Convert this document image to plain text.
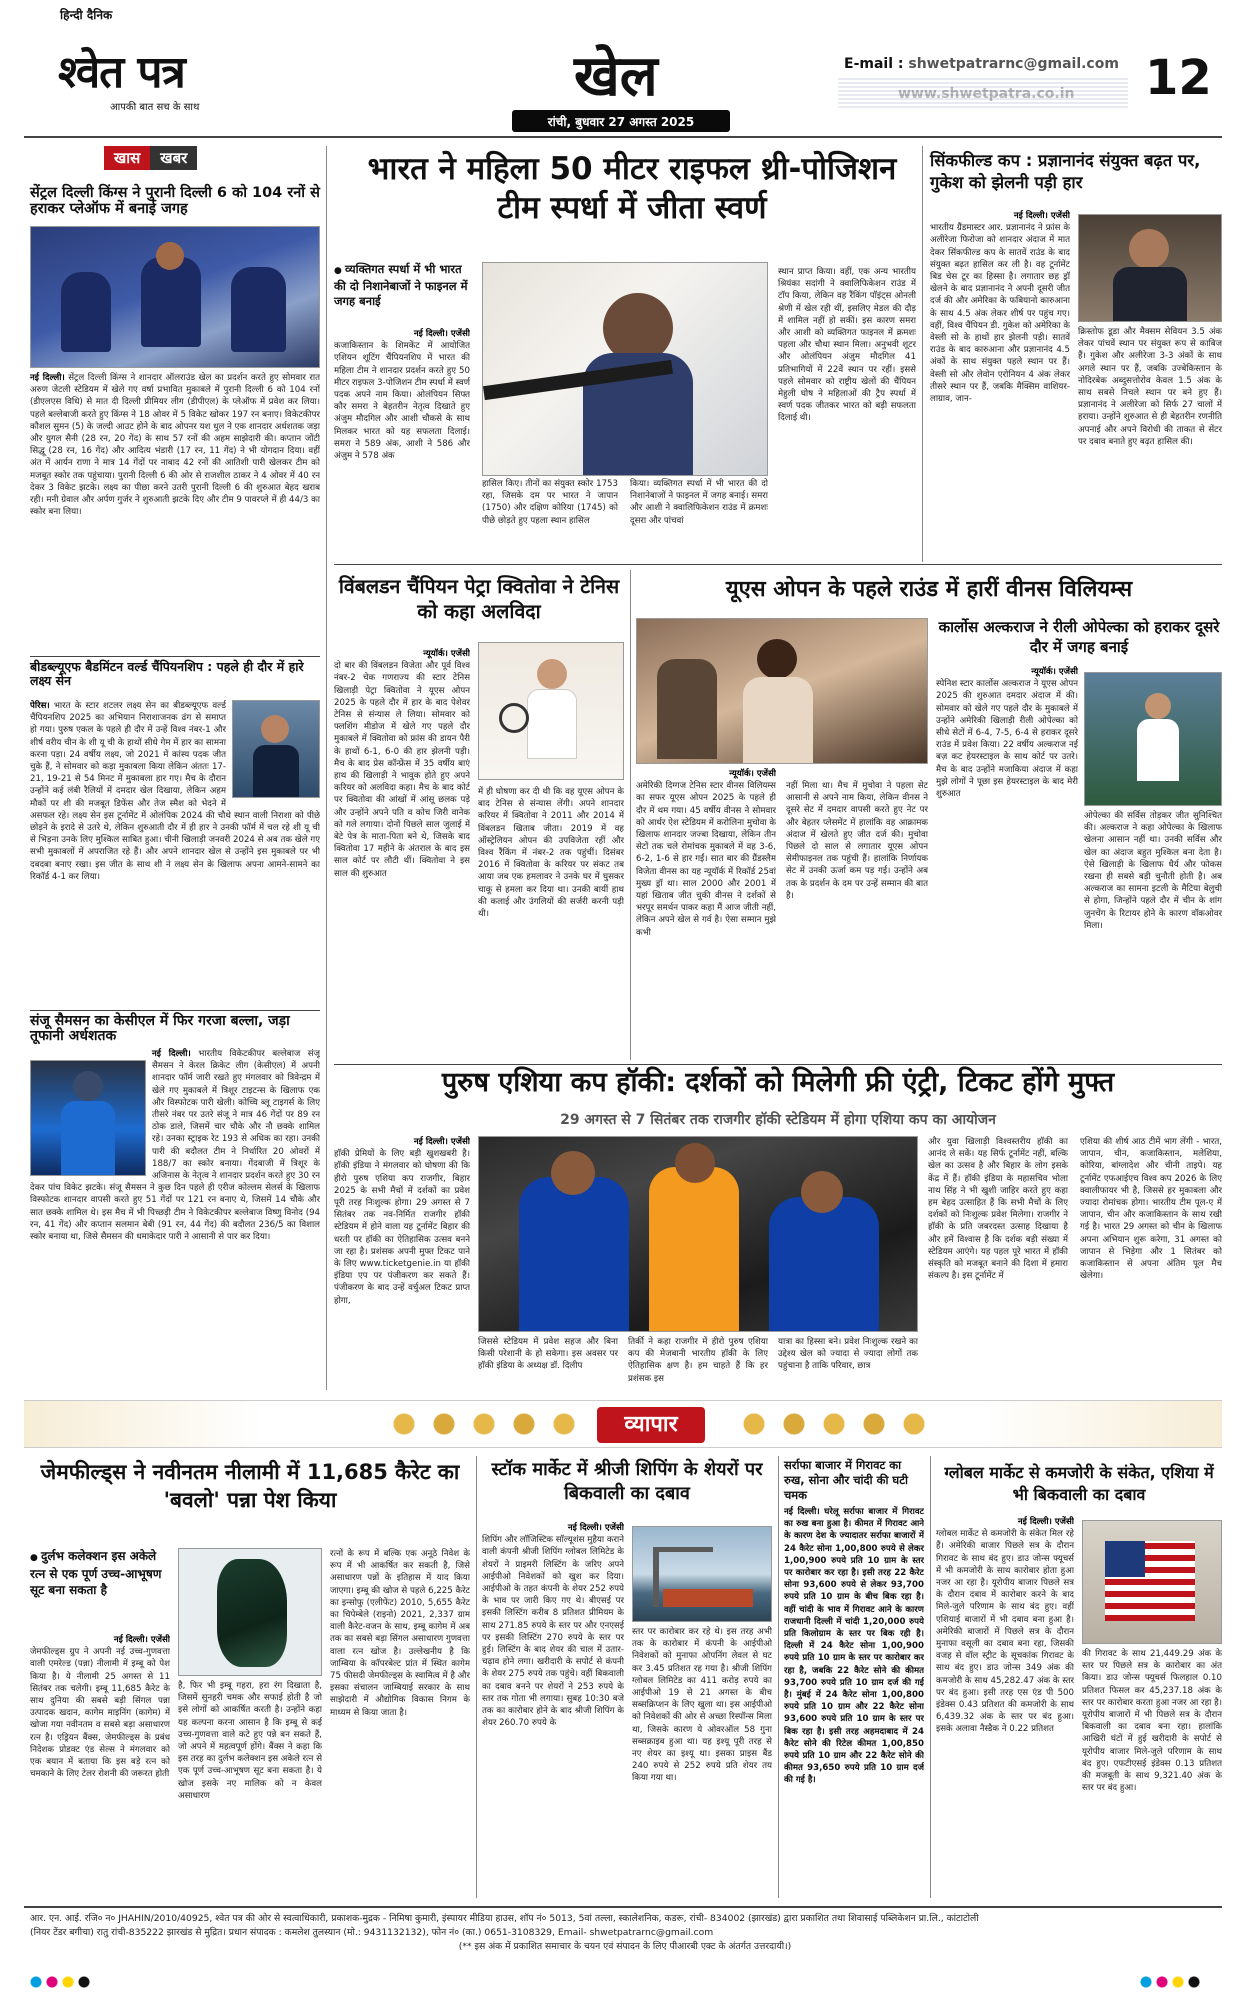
हिन्दी दैनिक
श्वेत पत्र
आपकी बात सच के साथ	खेल
रांची, बुधवार 27 अगस्त 2025
E-mail : shwetpatrarnc@gmail.com 12
खास खबर
सेंट्रल दिल्ली किंग्स ने पुरानी दिल्ली 6 को 104 रनों से हराकर प्लेऑफ में बनाई जगह
नई दिल्ली। सेंट्रल दिल्ली किंग्स ने शानदार ऑलराउंड खेल का प्रदर्शन करते हुए सोमवार रात अरुण जेटली स्टेडियम में खेले गए वर्षा प्रभावित मुकाबले में पुरानी दिल्ली 6 को 104 रनों (डीएलएस विधि) से मात दी दिल्ली प्रीमियर लीग (डीपीएल) के प्लेऑफ में प्रवेश कर लिया। पहले बल्लेबाजी करते हुए किंग्स ने 18 ओवर में 5 विकेट खोकर 197 रन बनाए। विकेटकीपर कौशल सुमन (5) के जल्दी आउट होने के बाद ओपनर यश धुल ने एक शानदार अर्धशतक जड़ा और युगल सैनी (28 रन, 20 गेंद) के साथ 57 रनों की अहम साझेदारी की। कप्तान जोंटी सिद्धू (28 रन, 16 गेंद) और आदित्य भंडारी (17 रन, 11 गेंद) ने भी योगदान दिया। वहीं अंत में आर्यन राणा ने मात्र 14 गेंदों पर नाबाद 42 रनों की आतिशी पारी खेलकर टीम को मजबूत स्कोर तक पहुंचाया। पुरानी दिल्ली 6 की ओर से राजशील ठाकर ने 4 ओवर में 40 रन देकर 3 विकेट झटके। लक्ष्य का पीछा करने उतरी पुरानी दिल्ली 6 की शुरुआत बेहद खराब रही। मनी ग्रेवाल और अर्पण गुर्जर ने शुरुआती झटके दिए और टीम 9 पावरप्ले में ही 44/3 का स्कोर बना लिया।
बीडब्ल्यूएफ बैडमिंटन वर्ल्ड चैंपियनशिप : पहले ही दौर में हारे लक्ष्य सेन
पेरिस। भारत के स्टार शटलर लक्ष्य सेन का बीडब्ल्यूएफ वर्ल्ड चैंपियनशिप 2025 का अभियान निराशाजनक ढंग से समाप्त हो गया। पुरुष एकल के पहले ही दौर में उन्हें विश्व नंबर-1 और शीर्ष वरीय चीन के शी यू ची के हाथों सीधे गेम में हार का सामना करना पड़ा। 24 वर्षीय लक्ष्य, जो 2021 में कांस्य पदक जीत चुके हैं, ने सोमवार को कड़ा मुकाबला किया लेकिन अंततः 17-21, 19-21 से 54 मिनट में मुकाबला हार गए। मैच के दौरान उन्होंने कई लंबी रैलियों में दमदार खेल दिखाया, लेकिन अहम मौकों पर शी की मजबूत डिफेंस और तेज स्मैश को भेदने में असफल रहे। लक्ष्य सेन इस टूर्नामेंट में ओलंपिक 2024 की चौथे स्थान वाली निराशा को पीछे छोड़ने के इरादे से उतरे थे, लेकिन शुरुआती दौर में ही हार ने उनकी फॉर्म में चल रहे शी यू ची से भिड़ना उनके लिए मुश्किल साबित हुआ। चीनी खिलाड़ी जनवरी 2024 से अब तक खेले गए सभी मुकाबलों में अपराजित रहे हैं। और अपने शानदार खेल से उन्होंने इस मुकाबले पर भी दबदबा बनाए रखा। इस जीत के साथ शी ने लक्ष्य सेन के खिलाफ अपना आमने-सामने का रिकॉर्ड 4-1 कर लिया।
संजू सैमसन का केसीएल में फिर गरजा बल्ला, जड़ा तूफानी अर्धशतक
नई दिल्ली। भारतीय विकेटकीपर बल्लेबाज संजू सैमसन ने केरल क्रिकेट लीग (केसीएल) में अपनी शानदार फॉर्म जारी रखते हुए मंगलवार को त्रिवेन्द्रम में खेले गए मुकाबले में त्रिशूर टाइटन्स के खिलाफ एक और विस्फोटक पारी खेली। कोच्चि ब्लू टाइगर्स के लिए तीसरे नंबर पर उतरे संजू ने मात्र 46 गेंदों पर 89 रन ठोक डाले, जिसमें चार चौके और नौ छक्के शामिल रहे। उनका स्ट्राइक रेट 193 से अधिक का रहा। उनकी पारी की बदौलत टीम ने निर्धारित 20 ओवरों में 188/7 का स्कोर बनाया। गेंदबाजी में त्रिशूर के अजिनास के नेतृत्व ने शानदार प्रदर्शन करते हुए 30 रन देकर पांच विकेट झटके। संजू सैमसन ने कुछ दिन पहले ही एरीज कोल्लम सेलर्स के खिलाफ विस्फोटक शानदार वापसी करते हुए 51 गेंदों पर 121 रन बनाए थे, जिसमें 14 चौके और सात छक्के शामिल थे। इस मैच में भी पिच्छड़ी टीम ने विकेटकीपर बल्लेबाज विष्णु विनोद (94 रन, 41 गेंद) और कप्तान सलमान बेबी (91 रन, 44 गेंद) की बदौलत 236/5 का विशाल स्कोर बनाया था, जिसे सैमसन की धमाकेदार पारी ने आसानी से पार कर दिया।
भारत ने महिला 50 मीटर राइफल थ्री-पोजिशन टीम स्पर्धा में जीता स्वर्ण
● व्यक्तिगत स्पर्धा में भी भारत की दो निशानेबाजों ने फाइनल में जगह बनाई
नई दिल्ली। एजेंसी
कजाकिस्तान के शिमकेंट में आयोजित एशियन शूटिंग चैंपियनशिप में भारत की महिला टीम ने शानदार प्रदर्शन करते हुए 50 मीटर राइफल 3-पोजिशन टीम स्पर्धा में स्वर्ण पदक अपने नाम किया। ओलंपियन सिफ्त कौर समरा ने बेहतरीन नेतृत्व दिखाते हुए अंजुम मौदगिल और आशी चौकसे के साथ मिलकर भारत को यह सफलता दिलाई। समरा ने 589 अंक, आशी ने 586 और अंजुम ने 578 अंक
हासिल किए। तीनों का संयुक्त स्कोर 1753 रहा, जिसके दम पर भारत ने जापान (1750) और दक्षिण कोरिया (1745) को पीछे छोड़ते हुए पहला स्थान हासिल
किया। व्यक्तिगत स्पर्धा में भी भारत की दो निशानेबाजों ने फाइनल में जगह बनाई। समरा और आशी ने क्वालिफिकेशन राउंड में क्रमशः दूसरा और पांचवां
स्थान प्राप्त किया। वहीं, एक अन्य भारतीय श्रियंका सदांगी ने क्वालिफिकेशन राउंड में टॉप किया, लेकिन वह रैंकिंग पॉइंट्स ओनली श्रेणी में खेल रही थीं, इसलिए मेडल की दौड़ में शामिल नहीं हो सकीं। इस कारण समरा और आशी को व्यक्तिगत फाइनल में क्रमशः पहला और चौथा स्थान मिला। अनुभवी शूटर और ओलंपियन अंजुम मौदगिल 41 प्रतिभागियों में 22वें स्थान पर रहीं। इससे पहले सोमवार को राष्ट्रीय खेलों की चैंपियन मेहुली घोष ने महिलाओं की ट्रैप स्पर्धा में स्वर्ण पदक जीतकर भारत को बड़ी सफलता दिलाई थी।
सिंकफील्ड कप : प्रज्ञानानंद संयुक्त बढ़त पर, गुकेश को झेलनी पड़ी हार
नई दिल्ली। एजेंसी
भारतीय ग्रैंडमास्टर आर. प्रज्ञानानंद ने फ्रांस के अलीरेजा फिरोजा को शानदार अंदाज में मात देकर सिंकफील्ड कप के सातवें राउंड के बाद संयुक्त बढ़त हासिल कर ली है। वह टूर्नामेंट बिड चेस टूर का हिस्सा है। लगातार छह ड्रॉ खेलने के बाद प्रज्ञानानंद ने अपनी दूसरी जीत दर्ज की और अमेरिका के फबियानो कारुआना के साथ 4.5 अंक लेकर शीर्ष पर पहुंच गए। वहीं, विश्व चैंपियन डी. गुकेश को अमेरिका के वेस्ली सो के हाथों हार झेलनी पड़ी। सातवें राउंड के बाद कारुआना और प्रज्ञानानंद 4.5 अंकों के साथ संयुक्त पहले स्थान पर हैं। वेस्ली सो और लेवोन एरोनियन 4 अंक लेकर तीसरे स्थान पर हैं, जबकि मैक्सिम वाशियर-लाग्राव, जान-
क्रिस्तोफ डूडा और मैक्सम सेवियन 3.5 अंक लेकर पांचवें स्थान पर संयुक्त रूप से काबिज हैं। गुकेश और अलीरेजा 3-3 अंकों के साथ अगले स्थान पर हैं, जबकि उज्बेकिस्तान के नोदिरबेक अब्दुसत्तोरोव केवल 1.5 अंक के साथ सबसे निचले स्थान पर बने हुए हैं। प्रज्ञानानंद ने अलीरेजा को सिर्फ 27 चालों में हराया। उन्होंने शुरुआत से ही बेहतरीन रणनीति अपनाई और अपने विरोधी की ताकत से सेंटर पर दबाव बनाते हुए बढ़त हासिल की।
विंबलडन चैंपियन पेट्रा क्वितोवा ने टेनिस को कहा अलविदा
न्यूयॉर्क। एजेंसी
दो बार की विंबलडन विजेता और पूर्व विश्व नंबर-2 चेक गणराज्य की स्टार टेनिस खिलाड़ी पेट्रा क्वितोवा ने यूएस ओपन 2025 के पहले दौर में हार के बाद पेशेवर टेनिस से संन्यास ले लिया। सोमवार को फ्लशिंग मीडोज में खेले गए पहले दौर मुकाबले में क्वितोवा को फ्रांस की डायन पैरी के हाथों 6-1, 6-0 की हार झेलनी पड़ी। मैच के बाद प्रेस कॉन्फ्रेंस में 35 वर्षीय बाएं हाथ की खिलाड़ी ने भावुक होते हुए अपने करियर को अलविदा कहा। मैच के बाद कोर्ट पर क्वितोवा की आंखों में आंसू छलक पड़े और उन्होंने अपने पति व कोच जिरी वानेक को गले लगाया। दोनों पिछले साल जुलाई में बेटे पेत्र के माता-पिता बने थे, जिसके बाद क्वितोवा 17 महीने के अंतराल के बाद इस साल कोर्ट पर लौटी थीं। क्वितोवा ने इस साल की शुरुआत
में ही घोषणा कर दी थी कि वह यूएस ओपन के बाद टेनिस से संन्यास लेंगी। अपने शानदार करियर में क्वितोवा ने 2011 और 2014 में विंबलडन खिताब जीता। 2019 में वह ऑस्ट्रेलियन ओपन की उपविजेता रहीं और विश्व रैंकिंग में नंबर-2 तक पहुंचीं। दिसंबर 2016 में क्वितोवा के करियर पर संकट तब आया जब एक हमलावर ने उनके घर में घुसकर चाकू से हमला कर दिया था। उनकी बायीं हाथ की कलाई और उंगलियों की सर्जरी करनी पड़ी थी।
यूएस ओपन के पहले राउंड में हारीं वीनस विलियम्स
न्यूयॉर्क। एजेंसी
अमेरिकी दिग्गज टेनिस स्टार वीनस विलियम्स का सफर यूएस ओपन 2025 के पहले ही दौर में थम गया। 45 वर्षीय वीनस ने सोमवार को आर्थर ऐश स्टेडियम में करोलिना मुचोवा के खिलाफ शानदार जज्बा दिखाया, लेकिन तीन सेटों तक चले रोमांचक मुकाबले में वह 3-6, 6-2, 1-6 से हार गईं। सात बार की ग्रैंडस्लैम विजेता वीनस का यह न्यूयॉर्क में रिकॉर्ड 25वां मुख्य ड्रॉ था। साल 2000 और 2001 में यहां खिताब जीत चुकी वीनस ने दर्शकों से भरपूर समर्थन पाकर कहा मैं आज जीती नहीं, लेकिन अपने खेल से गर्व है। ऐसा सम्मान मुझे कभी
नहीं मिला था। मैच में मुचोवा ने पहला सेट आसानी से अपने नाम किया, लेकिन वीनस ने दूसरे सेट में दमदार वापसी करते हुए नेट पर और बेहतर प्लेसमेंट में हालांकि वह आक्रामक अंदाज में खेलते हुए जीत दर्ज की। मुचोवा पिछले दो साल से लगातार यूएस ओपन सेमीफाइनल तक पहुंची हैं। हालांकि निर्णायक सेट में उनकी ऊर्जा कम पड़ गई। उन्होंने अब तक के प्रदर्शन के दम पर उन्हें सम्मान की बात है।
कार्लोस अल्कराज ने रीली ओपेल्का को हराकर दूसरे दौर में जगह बनाई
न्यूयॉर्क। एजेंसी
स्पेनिश स्टार कार्लोस अल्कराज ने यूएस ओपन 2025 की शुरुआत दमदार अंदाज में की। सोमवार को खेले गए पहले दौर के मुकाबले में उन्होंने अमेरिकी खिलाड़ी रीली ओपेल्का को सीधे सेटों में 6-4, 7-5, 6-4 से हराकर दूसरे राउंड में प्रवेश किया। 22 वर्षीय अल्कराज नई बज़ कट हेयरस्टाइल के साथ कोर्ट पर उतरे। मैच के बाद उन्होंने मजाकिया अंदाज में कहा मुझे लोगों ने पूछा इस हेयरस्टाइल के बाद मेरी शुरुआत
ओपेल्का की सर्विस तोड़कर जीत सुनिश्चित की। अल्कराज ने कहा ओपेल्का के खिलाफ खेलना आसान नहीं था। उनकी सर्विस और खेल का अंदाज बहुत मुश्किल बना देता है। ऐसे खिलाड़ी के खिलाफ धैर्य और फोकस रखना ही सबसे बड़ी चुनौती होती है। अब अल्कराज का सामना इटली के मैटिया बेलुची से होगा, जिन्होंने पहले दौर में चीन के शांग जुनचेंग के रिटायर होने के कारण वॉकओवर मिला।
पुरुष एशिया कप हॉकी: दर्शकों को मिलेगी फ्री एंट्री, टिकट होंगे मुफ्त
29 अगस्त से 7 सितंबर तक राजगीर हॉकी स्टेडियम में होगा एशिया कप का आयोजन
नई दिल्ली। एजेंसी
हॉकी प्रेमियों के लिए बड़ी खुशखबरी है। हॉकी इंडिया ने मंगलवार को घोषणा की कि हीरो पुरुष एशिया कप राजगीर, बिहार 2025 के सभी मैचों में दर्शकों का प्रवेश पूरी तरह निःशुल्क होगा। 29 अगस्त से 7 सितंबर तक नव-निर्मित राजगीर हॉकी स्टेडियम में होने वाला यह टूर्नामेंट बिहार की धरती पर हॉकी का ऐतिहासिक उत्सव बनने जा रहा है। प्रशंसक अपनी मुफ्त टिकट पाने के लिए www.ticketgenie.in या हॉकी इंडिया एप पर पंजीकरण कर सकते हैं। पंजीकरण के बाद उन्हें वर्चुअल टिकट प्राप्त होगा,
जिससे स्टेडियम में प्रवेश सहज और बिना किसी परेशानी के हो सकेगा। इस अवसर पर हॉकी इंडिया के अध्यक्ष डॉ. दिलीप
तिर्की ने कहा राजगीर में हीरो पुरुष एशिया कप की मेजबानी भारतीय हॉकी के लिए ऐतिहासिक क्षण है। हम चाहते हैं कि हर प्रशंसक इस
यात्रा का हिस्सा बने। प्रवेश निःशुल्क रखने का उद्देश्य खेल को ज्यादा से ज्यादा लोगों तक पहुंचाना है ताकि परिवार, छात्र
और युवा खिलाड़ी विश्वस्तरीय हॉकी का आनंद ले सकें। यह सिर्फ टूर्नामेंट नहीं, बल्कि खेल का उत्सव है और बिहार के लोग इसके केंद्र में हैं। हॉकी इंडिया के महासचिव भोला नाथ सिंह ने भी खुशी जाहिर करते हुए कहा हम बेहद उत्साहित हैं कि सभी मैचों के लिए दर्शकों को निःशुल्क प्रवेश मिलेगा। राजगीर ने हॉकी के प्रति जबरदस्त उत्साह दिखाया है और हमें विश्वास है कि दर्शक बड़ी संख्या में स्टेडियम आएंगे। यह पहल पूरे भारत में हॉकी संस्कृति को मजबूत बनाने की दिशा में हमारा संकल्प है। इस टूर्नामेंट में
एशिया की शीर्ष आठ टीमें भाग लेंगी - भारत, जापान, चीन, कजाकिस्तान, मलेशिया, कोरिया, बांग्लादेश और चीनी ताइपे। यह टूर्नामेंट एफआईएच विश्व कप 2026 के लिए क्वालीफायर भी है, जिससे हर मुकाबला और ज्यादा रोमांचक होगा। भारतीय टीम पूल-ए में जापान, चीन और कजाकिस्तान के साथ रखी गई है। भारत 29 अगस्त को चीन के खिलाफ अपना अभियान शुरू करेगा, 31 अगस्त को जापान से भिड़ेगा और 1 सितंबर को कजाकिस्तान से अपना अंतिम पूल मैच खेलेगा।
व्यापार
जेमफील्ड्स ने नवीनतम नीलामी में 11,685 कैरेट का 'बवलो' पन्ना पेश किया
● दुर्लभ कलेक्शन इस अकेले रत्न से एक पूर्ण उच्च-आभूषण सूट बना सकता है
नई दिल्ली। एजेंसी
जेमफील्ड्स ग्रुप ने अपनी नई उच्च-गुणवत्ता वाली एमरेल्ड (पन्ना) नीलामी में इम्बू को पेश किया है। ये नीलामी 25 अगस्त से 11 सितंबर तक चलेगी। इम्बू 11,685 कैरेट के साथ दुनिया की सबसे बड़ी सिंगल पन्ना उत्पादक खदान, कागेम माइनिंग (कागेम) में खोजा गया नवीनतम व सबसे बड़ा असाधारण रत्न है। एड्रियन बैंक्स, जेमफील्ड्स के प्रबंध निदेशक प्रोडक्ट एंड सेल्स ने मंगलवार को एक बयान में बताया कि इस बड़े रत्न को चमकाने के लिए टेलर रोशनी की जरूरत होती
है, फिर भी इम्बू गहरा, हरा रंग दिखाता है, जिसमें सुनहरी चमक और सफाई होती है जो इसे लोगों को आकर्षित करती है। उन्होंने कहा यह कल्पना करना आसान है कि इम्बू से कई उच्च-गुणवत्ता वाले कटे हुए पन्ने बन सकते हैं, जो अपने में महत्वपूर्ण होंगे। बैंक्स ने कहा कि इस तरह का दुर्लभ कलेक्शन इस अकेले रत्न से एक पूर्ण उच्च-आभूषण सूट बना सकता है। ये खोज इसके नए मालिक को न केवल असाधारण
रत्नों के रूप में बल्कि एक अनूठे निवेश के रूप में भी आकर्षित कर सकती है, जिसे असाधारण पन्नों के इतिहास में याद किया जाएगा। इम्बू की खोज से पहले 6,225 कैरेट का इन्सोफु (एलीफेंट) 2010, 5,655 कैरेट का चिपेम्बेले (राइनो) 2021, 2,337 ग्राम वाली कैरेट-वजन के साथ, इम्बू कागेम में अब तक का सबसे बड़ा सिंगल असाधारण गुणवत्ता वाला रत्न खोज है। उल्लेखनीय है कि जाम्बिया के कॉपरबेल्ट प्रांत में स्थित कागेम 75 फीसदी जेमफील्ड्स के स्वामित्व में है और इसका संचालन जाम्बियाई सरकार के साथ साझेदारी में औद्योगिक विकास निगम के माध्यम से किया जाता है।
स्टॉक मार्केट में श्रीजी शिपिंग के शेयरों पर बिकवाली का दबाव
नई दिल्ली। एजेंसी
शिपिंग और लॉजिस्टिक सॉल्यूशंस मुहैया कराने वाली कंपनी श्रीजी शिपिंग ग्लोबल लिमिटेड के शेयरों ने प्राइमरी लिस्टिंग के जरिए अपने आईपीओ निवेशकों को खुश कर दिया। आईपीओ के तहत कंपनी के शेयर 252 रुपये के भाव पर जारी किए गए थे। बीएसई पर इसकी लिस्टिंग करीब 8 प्रतिशत प्रीमियम के साथ 271.85 रुपये के स्तर पर और एनएसई पर इसकी लिस्टिंग 270 रुपये के स्तर पर हुई। लिस्टिंग के बाद शेयर की चाल में उतार-चढ़ाव होने लगा। खरीदारी के सपोर्ट से कंपनी के शेयर 275 रुपये तक पहुंचे। वहीं बिकवाली का दबाव बनने पर शेयरों ने 253 रुपये के स्तर तक गोता भी लगाया। सुबह 10:30 बजे तक का कारोबार होने के बाद श्रीजी शिपिंग के शेयर 260.70 रुपये के
स्तर पर कारोबार कर रहे थे। इस तरह अभी तक के कारोबार में कंपनी के आईपीओ निवेशकों को मुनाफा ओपनिंग लेवल से घट कर 3.45 प्रतिशत रह गया है। श्रीजी शिपिंग ग्लोबल लिमिटेड का 411 करोड़ रुपये का आईपीओ 19 से 21 अगस्त के बीच सब्सक्रिप्शन के लिए खुला था। इस आईपीओ को निवेशकों की ओर से अच्छा रिस्पॉन्स मिला था, जिसके कारण ये ओवरऑल 58 गुना सब्सक्राइब हुआ था। यह इश्यू पूरी तरह से नए शेयर का इश्यू था। इसका प्राइस बैंड 240 रुपये से 252 रुपये प्रति शेयर तय किया गया था।
सर्राफा बाजार में गिरावट का रुख, सोना और चांदी की घटी चमक
नई दिल्ली। घरेलू सर्राफा बाजार में गिरावट का रुख बना हुआ है। कीमत में गिरावट आने के कारण देश के ज्यादातर सर्राफा बाजारों में 24 कैरेट सोना 1,00,800 रुपये से लेकर 1,00,900 रुपये प्रति 10 ग्राम के स्तर पर कारोबार कर रहा है। इसी तरह 22 कैरेट सोना 93,600 रुपये से लेकर 93,700 रुपये प्रति 10 ग्राम के बीच बिक रहा है। वहीं चांदी के भाव में गिरावट आने के कारण राजधानी दिल्ली में चांदी 1,20,000 रुपये प्रति किलोग्राम के स्तर पर बिक रही है। दिल्ली में 24 कैरेट सोना 1,00,900 रुपये प्रति 10 ग्राम के स्तर पर कारोबार कर रहा है, जबकि 22 कैरेट सोने की कीमत 93,700 रुपये प्रति 10 ग्राम दर्ज की गई है। मुंबई में 24 कैरेट सोना 1,00,800 रुपये प्रति 10 ग्राम और 22 कैरेट सोना 93,600 रुपये प्रति 10 ग्राम के स्तर पर बिक रहा है। इसी तरह अहमदाबाद में 24 कैरेट सोने की रिटेल कीमत 1,00,850 रुपये प्रति 10 ग्राम और 22 कैरेट सोने की कीमत 93,650 रुपये प्रति 10 ग्राम दर्ज की गई है।
ग्लोबल मार्केट से कमजोरी के संकेत, एशिया में भी बिकवाली का दबाव
नई दिल्ली। एजेंसी
ग्लोबल मार्केट से कमजोरी के संकेत मिल रहे हैं। अमेरिकी बाजार पिछले सत्र के दौरान गिरावट के साथ बंद हुए। डाउ जोन्स फ्यूचर्स में भी कमजोरी के साथ कारोबार होता हुआ नजर आ रहा है। यूरोपीय बाजार पिछले सत्र के दौरान दबाव में कारोबार करने के बाद मिले-जुले परिणाम के साथ बंद हुए। वहीं एशियाई बाजारों में भी दबाव बना हुआ है। अमेरिकी बाजारों में पिछले सत्र के दौरान मुनाफा वसूली का दबाव बना रहा, जिसकी वजह से वॉल स्ट्रीट के सूचकांक गिरावट के साथ बंद हुए। डाउ जोन्स 349 अंक की कमजोरी के साथ 45,282.47 अंक के स्तर पर बंद हुआ। इसी तरह एस एंड पी 500 इंडेक्स 0.43 प्रतिशत की कमजोरी के साथ 6,439.32 अंक के स्तर पर बंद हुआ। इसके अलावा नैस्डैक ने 0.22 प्रतिशत
की गिरावट के साथ 21,449.29 अंक के स्तर पर पिछले सत्र के कारोबार का अंत किया। डाउ जोन्स फ्यूचर्स फिलहाल 0.10 प्रतिशत फिसल कर 45,237.18 अंक के स्तर पर कारोबार करता हुआ नजर आ रहा है। यूरोपीय बाजारों में भी पिछले सत्र के दौरान बिकवाली का दबाव बना रहा। हालांकि आखिरी घंटों में हुई खरीदारी के सपोर्ट से यूरोपीय बाजार मिले-जुले परिणाम के साथ बंद हुए। एफटीएसई इंडेक्स 0.13 प्रतिशत की मजबूती के साथ 9,321.40 अंक के स्तर पर बंद हुआ।
आर. एन. आई. रजि० न० JHAHIN/2010/40925, श्वेत पत्र की ओर से स्वत्वाधिकारी, प्रकाशक-मुद्रक - निमिषा कुमारी, इंस्पायर मीडिया हाउस, शॉप नं० 5013, 5वां तल्ला, स्कालेशनिक, कडरू, रांची- 834002 (झारखंड) द्वारा प्रकाशित तथा शिवासाई पब्लिकेशन प्रा.लि., कांटाटोली
(नियर टेंडर बगीचा) रातु रांची-835222 झारखंड से मुद्रित। प्रधान संपादक : कमलेश तुलस्यान (मो.: 9431132132), फोन नं० (का.) 0651-3108329, Email- shwetpatrarnc@gmail.com
(** इस अंक में प्रकाशित समाचार के चयन एवं संपादन के लिए पीआरबी एक्ट के अंतर्गत उत्तरदायी।)
